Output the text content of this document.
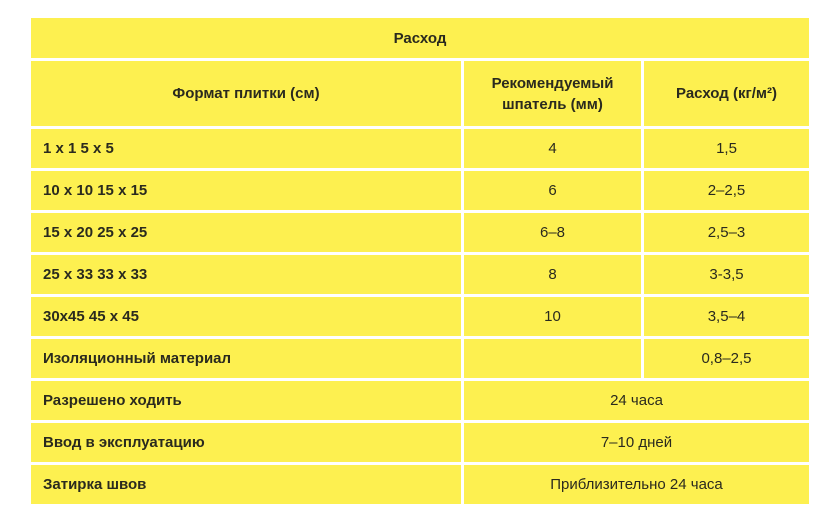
Расход		
Формат плитки (см)	Рекомендуемый шпатель (мм)	Расход (кг/м²)
1 x 1 5 x 5	4	1,5
10 x 10 15 x 15	6	2–2,5
15 x 20 25 x 25	6–8	2,5–3
25 x 33 33 x 33	8	3-3,5
30x45 45 x 45	10	3,5–4
Изоляционный материал		0,8–2,5
Разрешено ходить	24 часа	
Ввод в эксплуатацию	7–10 дней	
Затирка швов	Приблизительно 24 часа	
